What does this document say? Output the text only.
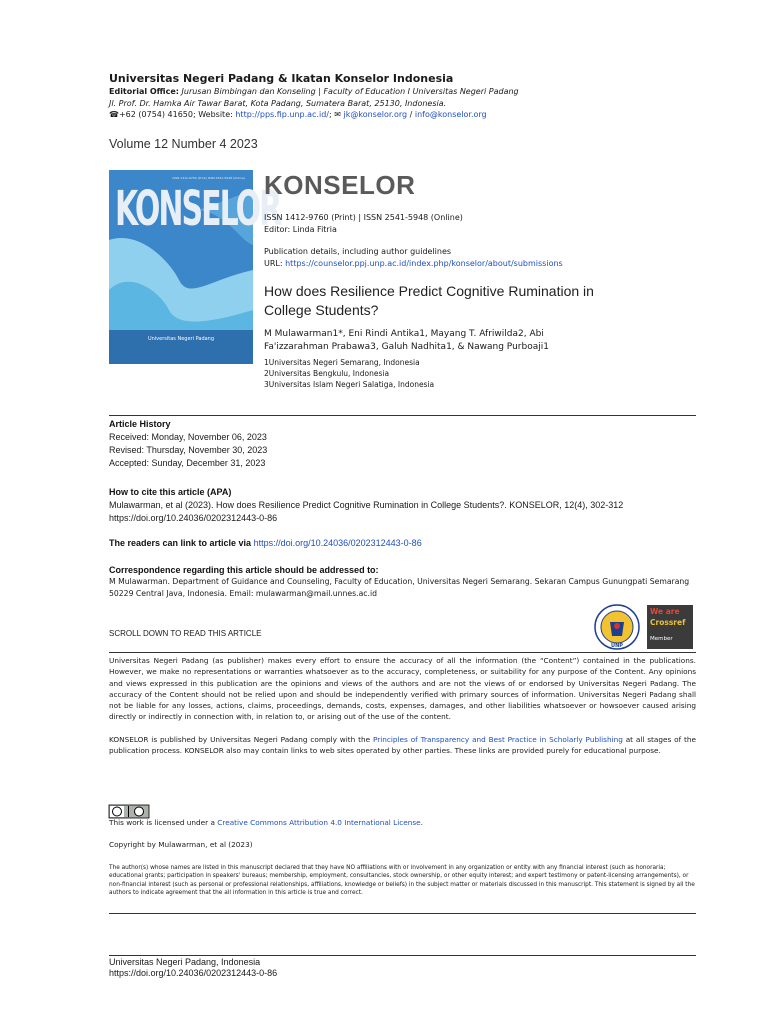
Universitas Negeri Padang & Ikatan Konselor Indonesia
Editorial Office: Jurusan Bimbingan dan Konseling | Faculty of Education I Universitas Negeri Padang
Jl. Prof. Dr. Hamka Air Tawar Barat, Kota Padang, Sumatera Barat, 25130, Indonesia.
☎+62 (0754) 41650; Website: http://pps.fip.unp.ac.id/; ✉ jk@konselor.org / info@konselor.org
Volume 12 Number 4 2023
ISSN 1412-9760 (Print) ISSN 2541-5948 (Online)
KONSELOR
Universitas Negeri Padang
KONSELOR
ISSN 1412-9760 (Print) | ISSN 2541-5948 (Online)
Editor: Linda Fitria
Publication details, including author guidelines
URL: https://counselor.ppj.unp.ac.id/index.php/konselor/about/submissions
How does Resilience Predict Cognitive Rumination in College Students?
M Mulawarman1*, Eni Rindi Antika1, Mayang T. Afriwilda2, Abi Fa'izzarahman Prabawa3, Galuh Nadhita1, & Nawang Purboaji1
1Universitas Negeri Semarang, Indonesia
2Universitas Bengkulu, Indonesia
3Universitas Islam Negeri Salatiga, Indonesia
Article History
Received: Monday, November 06, 2023
Revised: Thursday, November 30, 2023
Accepted: Sunday, December 31, 2023
How to cite this article (APA)
Mulawarman, et al (2023). How does Resilience Predict Cognitive Rumination in College Students?. KONSELOR, 12(4), 302-312 https://doi.org/10.24036/0202312443-0-86
The readers can link to article via https://doi.org/10.24036/0202312443-0-86
Correspondence regarding this article should be addressed to:
M Mulawarman. Department of Guidance and Counseling, Faculty of Education, Universitas Negeri Semarang. Sekaran Campus Gunungpati Semarang 50229 Central Java, Indonesia. Email: mulawarman@mail.unnes.ac.id
SCROLL DOWN TO READ THIS ARTICLE
UNP
We are
Crossref
Member
Universitas Negeri Padang (as publisher) makes every effort to ensure the accuracy of all the information (the “Content”) contained in the publications. However, we make no representations or warranties whatsoever as to the accuracy, completeness, or suitability for any purpose of the Content. Any opinions and views expressed in this publication are the opinions and views of the authors and are not the views of or endorsed by Universitas Negeri Padang. The accuracy of the Content should not be relied upon and should be independently verified with primary sources of information. Universitas Negeri Padang shall not be liable for any losses, actions, claims, proceedings, demands, costs, expenses, damages, and other liabilities whatsoever or howsoever caused arising directly or indirectly in connection with, in relation to, or arising out of the use of the content.
KONSELOR is published by Universitas Negeri Padang comply with the Principles of Transparency and Best Practice in Scholarly Publishing at all stages of the publication process. KONSELOR also may contain links to web sites operated by other parties. These links are provided purely for educational purpose.
This work is licensed under a Creative Commons Attribution 4.0 International License.
Copyright by Mulawarman, et al (2023)
The author(s) whose names are listed in this manuscript declared that they have NO affiliations with or involvement in any organization or entity with any financial interest (such as honoraria; educational grants; participation in speakers' bureaus; membership, employment, consultancies, stock ownership, or other equity interest; and expert testimony or patent-licensing arrangements), or non-financial interest (such as personal or professional relationships, affiliations, knowledge or beliefs) in the subject matter or materials discussed in this manuscript. This statement is signed by all the authors to indicate agreement that the all information in this article is true and correct.
Universitas Negeri Padang, Indonesia
https://doi.org/10.24036/0202312443-0-86
